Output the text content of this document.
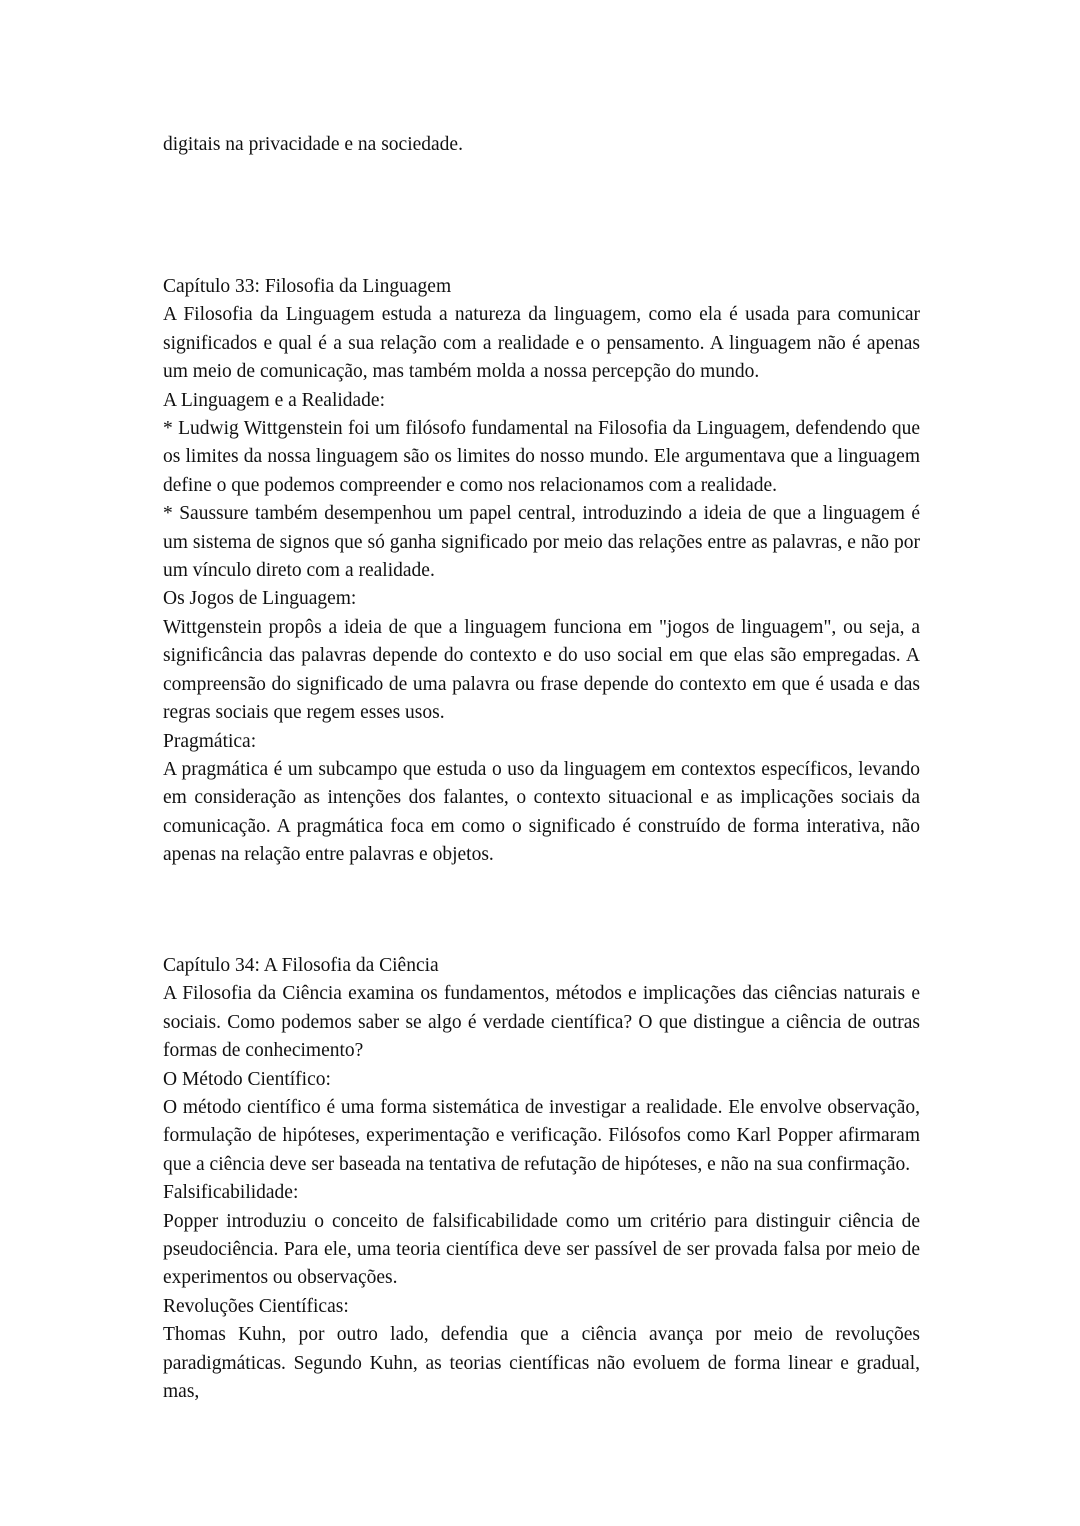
digitais na privacidade e na sociedade.

Capítulo 33: Filosofia da Linguagem

A Filosofia da Linguagem estuda a natureza da linguagem, como ela é usada para comunicar significados e qual é a sua relação com a realidade e o pensamento. A linguagem não é apenas um meio de comunicação, mas também molda a nossa percepção do mundo.

A Linguagem e a Realidade:

* Ludwig Wittgenstein foi um filósofo fundamental na Filosofia da Linguagem, defendendo que os limites da nossa linguagem são os limites do nosso mundo. Ele argumentava que a linguagem define o que podemos compreender e como nos relacionamos com a realidade.

* Saussure também desempenhou um papel central, introduzindo a ideia de que a linguagem é um sistema de signos que só ganha significado por meio das relações entre as palavras, e não por um vínculo direto com a realidade.

Os Jogos de Linguagem:

Wittgenstein propôs a ideia de que a linguagem funciona em "jogos de linguagem", ou seja, a significância das palavras depende do contexto e do uso social em que elas são empregadas. A compreensão do significado de uma palavra ou frase depende do contexto em que é usada e das regras sociais que regem esses usos.

Pragmática:

A pragmática é um subcampo que estuda o uso da linguagem em contextos específicos, levando em consideração as intenções dos falantes, o contexto situacional e as implicações sociais da comunicação. A pragmática foca em como o significado é construído de forma interativa, não apenas na relação entre palavras e objetos.

Capítulo 34: A Filosofia da Ciência

A Filosofia da Ciência examina os fundamentos, métodos e implicações das ciências naturais e sociais. Como podemos saber se algo é verdade científica? O que distingue a ciência de outras formas de conhecimento?

O Método Científico:

O método científico é uma forma sistemática de investigar a realidade. Ele envolve observação, formulação de hipóteses, experimentação e verificação. Filósofos como Karl Popper afirmaram que a ciência deve ser baseada na tentativa de refutação de hipóteses, e não na sua confirmação.

Falsificabilidade:

Popper introduziu o conceito de falsificabilidade como um critério para distinguir ciência de pseudociência. Para ele, uma teoria científica deve ser passível de ser provada falsa por meio de experimentos ou observações.

Revoluções Científicas:

Thomas Kuhn, por outro lado, defendia que a ciência avança por meio de revoluções paradigmáticas. Segundo Kuhn, as teorias científicas não evoluem de forma linear e gradual, mas,
